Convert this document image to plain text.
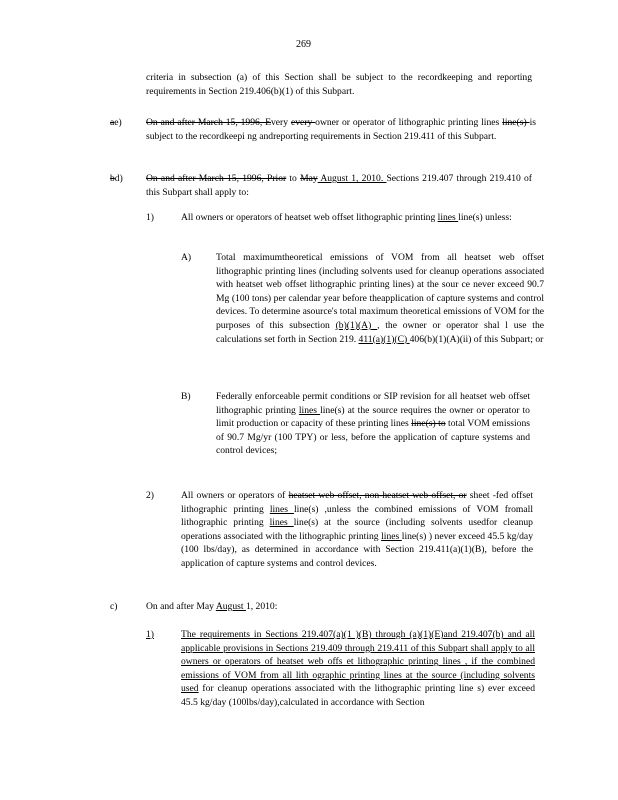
269
criteria in subsection (a) of this Section shall be subject to the recordkeeping and reporting requirements in Section 219.406(b)(1) of this Subpart.
ae)	On and after March 15, 1996, Every every owner or operator of lithographic printing lines line(s) is subject to the recordkeepi ng andreporting requirements in Section 219.411 of this Subpart.
bd) On and after March 15, 1996, Prior to May August 1, 2010. Sections 219.407 through 219.410 of this Subpart shall apply to:
1)	All owners or operators of heatset web offset lithographic printing lines line(s) unless:
A)	Total maximumtheoretical emissions of VOM from all heatset web offset lithographic printing lines (including solvents used for cleanup operations associated with heatset web offset lithographic printing lines) at the sour ce never exceed 90.7 Mg (100 tons) per calendar year before theapplication of capture systems and control devices. To determine asource's total maximum theoretical emissions of VOM for the purposes of this subsection (b)(1)(A) , the owner or operator shal l use the calculations set forth in Section 219. 411(a)(1)(C) 406(b)(1)(A)(ii) of this Subpart; or
B)	Federally enforceable permit conditions or SIP revision for all heatset web offset lithographic printing lines line(s) at the source requires the owner or operator to limit production or capacity of these printing lines line(s) to total VOM emissions of 90.7 Mg/yr (100 TPY) or less, before the application of capture systems and control devices;
2)	All owners or operators of heatset web offset, non-heatset web offset, or sheet -fed offset lithographic printing lines line(s) ,unless the combined emissions of VOM fromall lithographic printing lines line(s) at the source (including solvents usedfor cleanup operations associated with the lithographic printing lines line(s) ) never exceed 45.5 kg/day (100 lbs/day), as determined in accordance with Section 219.411(a)(1)(B), before the application of capture systems and control devices.
c)	On and after May August 1, 2010:
1)	The requirements in Sections 219.407(a)(1 )(B) through (a)(1)(E)and 219.407(b) and all applicable provisions in Sections 219.409 through 219.411 of this Subpart shall apply to all owners or operators of heatset web offs et lithographic printing lines , if the combined emissions of VOM from all lith ographic printing lines at the source (including solvents used for cleanup operations associated with the lithographic printing line s) ever exceed 45.5 kg/day (100lbs/day),calculated in accordance with Section
